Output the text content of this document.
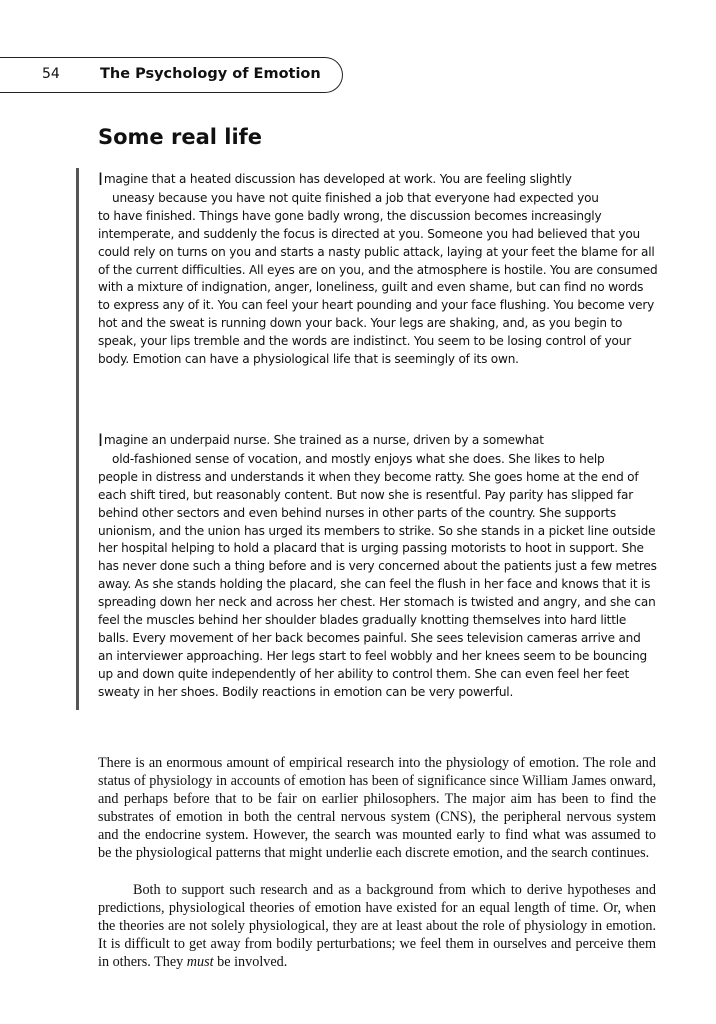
54	The Psychology of Emotion
Some real life

Imagine that a heated discussion has developed at work. You are feeling slightly
uneasy because you have not quite finished a job that everyone had expected you
to have finished. Things have gone badly wrong, the discussion becomes increasingly intemperate, and suddenly the focus is directed at you. Someone you had believed that you could rely on turns on you and starts a nasty public attack, laying at your feet the blame for all of the current difficulties. All eyes are on you, and the atmosphere is hostile. You are consumed with a mixture of indignation, anger, loneliness, guilt and even shame, but can find no words to express any of it. You can feel your heart pounding and your face flushing. You become very hot and the sweat is running down your back. Your legs are shaking, and, as you begin to speak, your lips tremble and the words are indistinct. You seem to be losing control of your body. Emotion can have a physiological life that is seemingly of its own.

Imagine an underpaid nurse. She trained as a nurse, driven by a somewhat
old-fashioned sense of vocation, and mostly enjoys what she does. She likes to help
people in distress and understands it when they become ratty. She goes home at the end of each shift tired, but reasonably content. But now she is resentful. Pay parity has slipped far behind other sectors and even behind nurses in other parts of the country. She supports unionism, and the union has urged its members to strike. So she stands in a picket line outside her hospital helping to hold a placard that is urging passing motorists to hoot in support. She has never done such a thing before and is very concerned about the patients just a few metres away. As she stands holding the placard, she can feel the flush in her face and knows that it is spreading down her neck and across her chest. Her stomach is twisted and angry, and she can feel the muscles behind her shoulder blades gradually knotting themselves into hard little balls. Every movement of her back becomes painful. She sees television cameras arrive and an interviewer approaching. Her legs start to feel wobbly and her knees seem to be bouncing up and down quite independently of her ability to control them. She can even feel her feet sweaty in her shoes. Bodily reactions in emotion can be very powerful.

There is an enormous amount of empirical research into the physiology of emotion. The role and status of physiology in accounts of emotion has been of significance since William James onward, and perhaps before that to be fair on earlier philosophers. The major aim has been to find the substrates of emotion in both the central nervous system (CNS), the peripheral nervous system and the endocrine system. However, the search was mounted early to find what was assumed to be the physiological patterns that might underlie each discrete emotion, and the search continues.

Both to support such research and as a background from which to derive hypotheses and predictions, physiological theories of emotion have existed for an equal length of time. Or, when the theories are not solely physiological, they are at least about the role of physiology in emotion. It is difficult to get away from bodily perturbations; we feel them in ourselves and perceive them in others. They must be involved.
